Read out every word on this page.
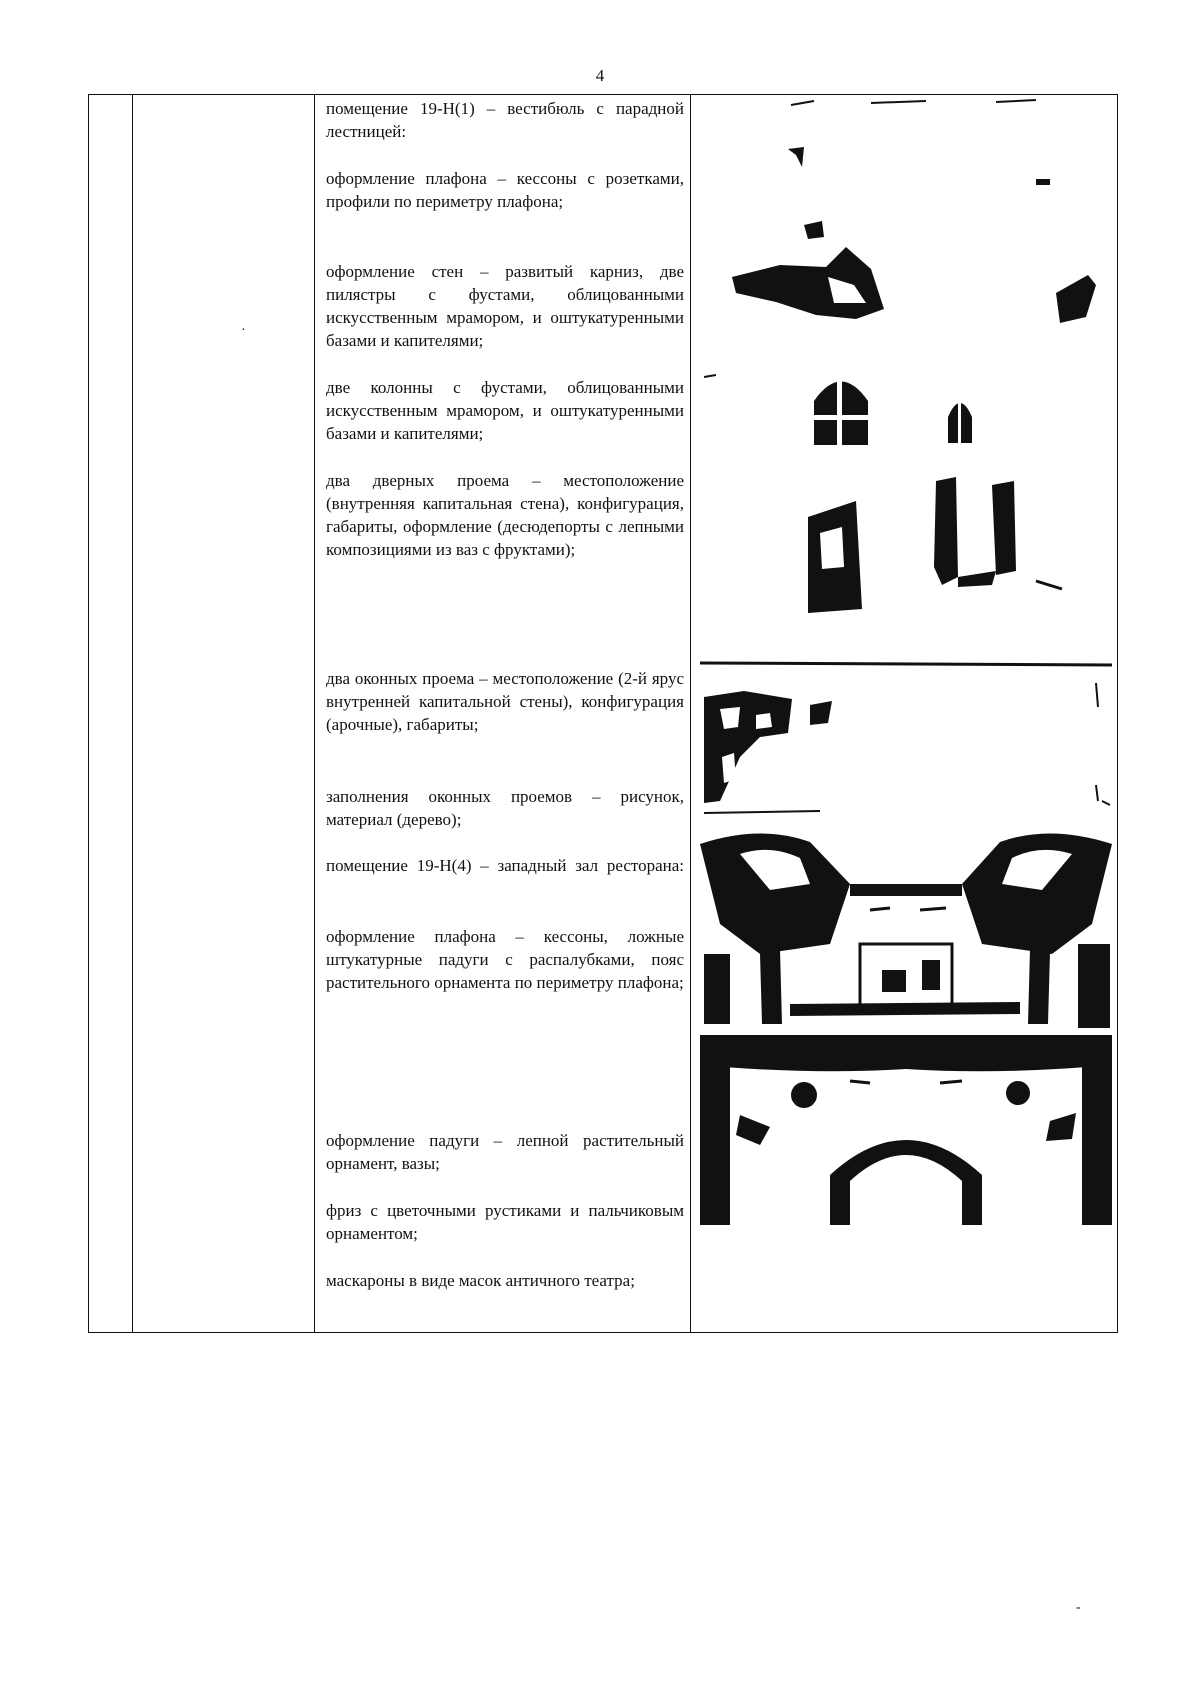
4
·
помещение 19-Н(1) – вестибюль с парадной лестницей:
оформление плафона – кессоны с розетками, профили по периметру плафона;
оформление стен – развитый карниз, две пилястры с фустами, облицованными искусственным мрамором, и оштукатуренными базами и капителями;
две колонны с фустами, облицованными искусственным мрамором, и оштукатуренными базами и капителями;
два дверных проема – местоположение (внутренняя капитальная стена), конфигурация, габариты, оформление (десюдепорты с лепными композициями из ваз с фруктами);
два оконных проема – местоположение (2-й ярус внутренней капитальной стены), конфигурация (арочные), габариты;
заполнения оконных проемов – рисунок, материал (дерево);
помещение 19-Н(4) – западный зал ресторана:
оформление плафона – кессоны, ложные штукатурные падуги с распалубками, пояс растительного орнамента по периметру плафона;
оформление падуги – лепной растительный орнамент, вазы;
фриз с цветочными рустиками и пальчиковым орнаментом;
маскароны в виде масок античного театра;
-
